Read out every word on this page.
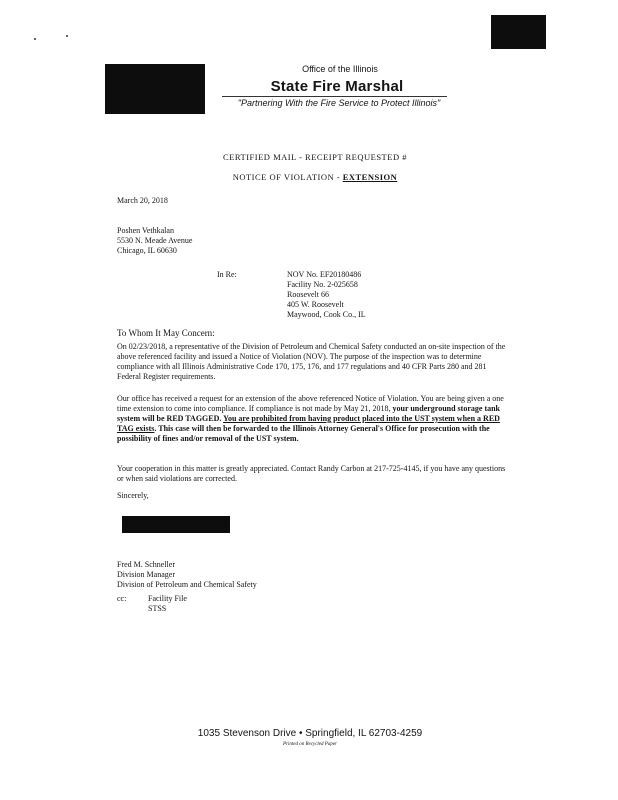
Office of the Illinois
State Fire Marshal
"Partnering With the Fire Service to Protect Illinois"
CERTIFIED MAIL - RECEIPT REQUESTED #
NOTICE OF VIOLATION - EXTENSION
March 20, 2018
Poshen Vethkalan
5530 N. Meade Avenue
Chicago, IL 60630
In Re:	NOV No. EF20180486
Facility No. 2-025658
Roosevelt 66
405 W. Roosevelt
Maywood, Cook Co., IL
To Whom It May Concern:
On 02/23/2018, a representative of the Division of Petroleum and Chemical Safety conducted an on-site inspection of the above referenced facility and issued a Notice of Violation (NOV). The purpose of the inspection was to determine compliance with all Illinois Administrative Code 170, 175, 176, and 177 regulations and 40 CFR Parts 280 and 281 Federal Register requirements.
Our office has received a request for an extension of the above referenced Notice of Violation. You are being given a one time extension to come into compliance. If compliance is not made by May 21, 2018, your underground storage tank system will be RED TAGGED. You are prohibited from having product placed into the UST system when a RED TAG exists. This case will then be forwarded to the Illinois Attorney General's Office for prosecution with the possibility of fines and/or removal of the UST system.
Your cooperation in this matter is greatly appreciated. Contact Randy Carbon at 217-725-4145, if you have any questions or when said violations are corrected.
Sincerely,
Fred M. Schneller
Division Manager
Division of Petroleum and Chemical Safety
cc:	Facility File
STSS
1035 Stevenson Drive • Springfield, IL 62703-4259
Printed on Recycled Paper
